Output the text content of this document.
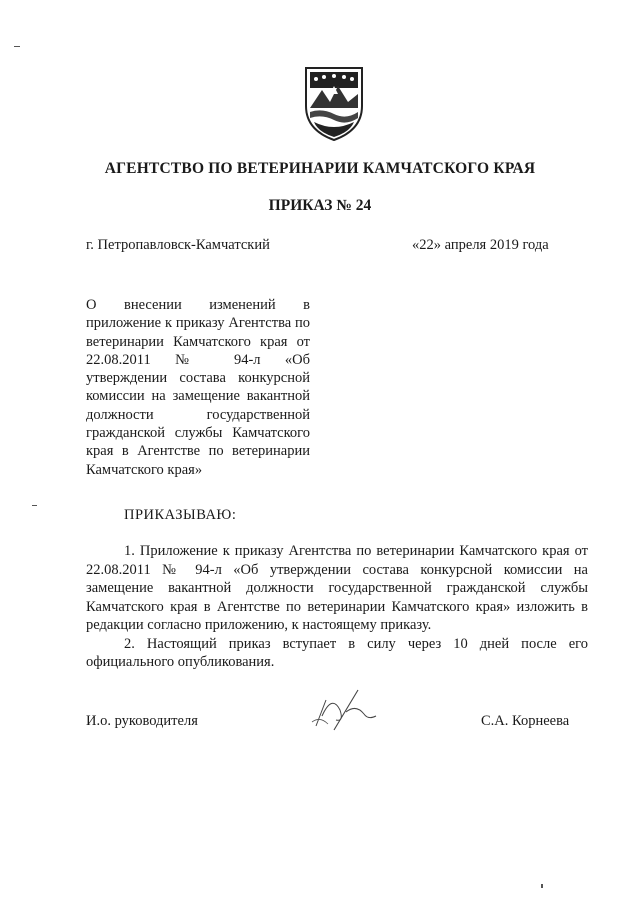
АГЕНТСТВО ПО ВЕТЕРИНАРИИ КАМЧАТСКОГО КРАЯ
ПРИКАЗ № 24
г. Петропавловск-Камчатский	«22» апреля 2019 года
О внесении изменений в приложение к приказу Агентства по ветеринарии Камчатского края от 22.08.2011 № 94-л «Об утверждении состава конкурсной комиссии на замещение вакантной должности государственной гражданской службы Камчатского края в Агентстве по ветеринарии Камчатского края»
ПРИКАЗЫВАЮ:

1. Приложение к приказу Агентства по ветеринарии Камчатского края от 22.08.2011 № 94-л «Об утверждении состава конкурсной комиссии на замещение вакантной должности государственной гражданской службы Камчатского края в Агентстве по ветеринарии Камчатского края» изложить в редакции согласно приложению, к настоящему приказу.

2. Настоящий приказ вступает в силу через 10 дней после его официального опубликования.

И.о. руководителя	С.А. Корнеева
